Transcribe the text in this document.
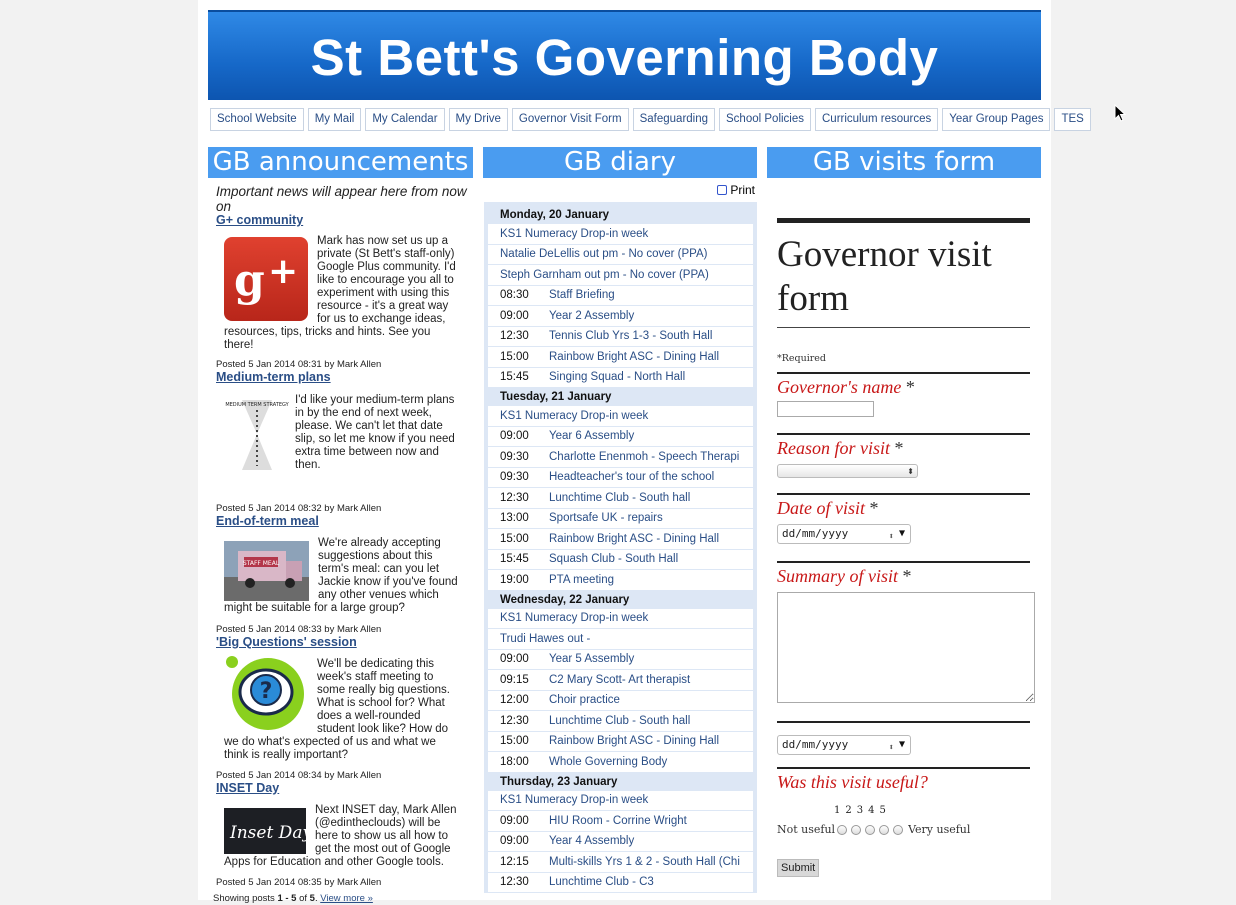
St Bett's Governing Body
School Website	My Mail	My Calendar	My Drive	Governor Visit Form	Safeguarding	School Policies	Curriculum resources	Year Group Pages	TES
GB announcements	GB diary	GB visits form
Important news will appear here from now on
G+ community
g +
Mark has now set us up a private (St Bett's staff-only) Google Plus community. I'd like to encourage you all to experiment with using this resource - it's a great way for us to exchange ideas, resources, tips, tricks and hints. See you there!
Posted 5 Jan 2014 08:31 by Mark Allen
Medium-term plans
MEDIUM TERM STRATEGY I'd like your medium-term plans in by the end of next week, please. We can't let that date slip, so let me know if you need extra time between now and then.
Posted 5 Jan 2014 08:32 by Mark Allen
End-of-term meal
STAFF MEAL
We're already accepting suggestions about this term's meal: can you let Jackie know if you've found any other venues which might be suitable for a large group?
Posted 5 Jan 2014 08:33 by Mark Allen
'Big Questions' session
?
We'll be dedicating this week's staff meeting to some really big questions. What is school for? What does a well-rounded student look like? How do we do what's expected of us and what we think is really important?
Posted 5 Jan 2014 08:34 by Mark Allen
INSET Day
Inset Day
Next INSET day, Mark Allen (@edintheclouds) will be here to show us all how to get the most out of Google Apps for Education and other Google tools.
Posted 5 Jan 2014 08:35 by Mark Allen
Showing posts 1 - 5 of 5. View more »
Print
Monday, 20 January
KS1 Numeracy Drop-in week
Natalie DeLellis out pm - No cover (PPA)
Steph Garnham out pm - No cover (PPA)
08:30	Staff Briefing
09:00	Year 2 Assembly
12:30	Tennis Club Yrs 1-3 - South Hall
15:00	Rainbow Bright ASC - Dining Hall
15:45	Singing Squad - North Hall
Tuesday, 21 January
KS1 Numeracy Drop-in week
09:00	Year 6 Assembly
09:30	Charlotte Enenmoh - Speech Therapi
09:30	Headteacher's tour of the school
12:30	Lunchtime Club - South hall
13:00	Sportsafe UK - repairs
15:00	Rainbow Bright ASC - Dining Hall
15:45	Squash Club - South Hall
19:00	PTA meeting
Wednesday, 22 January
KS1 Numeracy Drop-in week
Trudi Hawes out -
09:00	Year 5 Assembly
09:15	C2 Mary Scott- Art therapist
12:00	Choir practice
12:30	Lunchtime Club - South hall
15:00	Rainbow Bright ASC - Dining Hall
18:00	Whole Governing Body
Thursday, 23 January
KS1 Numeracy Drop-in week
09:00	HIU Room - Corrine Wright
09:00	Year 4 Assembly
12:15	Multi-skills Yrs 1 & 2 - South Hall (Chi
12:30	Lunchtime Club - C3
Governor visit form
*Required
Governor's name *
Reason for visit *
⬍
Date of visit *
dd/mm/yyyy	⬍ ▼
Summary of visit *
dd/mm/yyyy	⬍ ▼
Was this visit useful?
1 2 3 4 5
Not useful	Very useful
Submit
